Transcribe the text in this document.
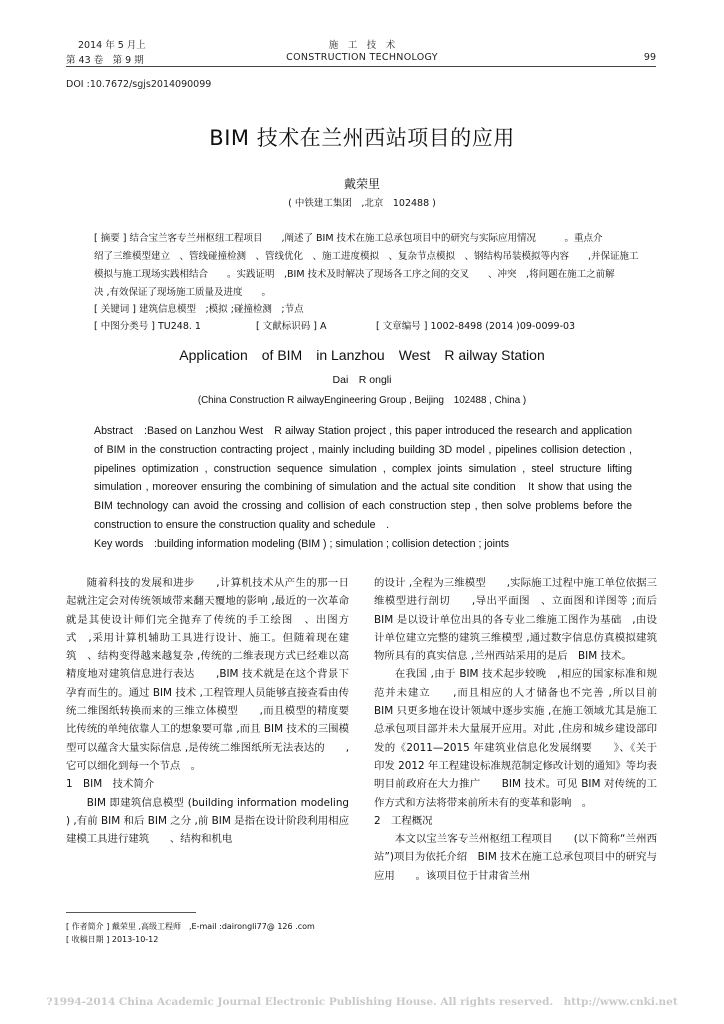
2014 年 5 月上
第 43 卷　第 9 期
施　工　技　术
CONSTRUCTION TECHNOLOGY	99
DOI :10.7672/sgjs2014090099
BIM 技术在兰州西站项目的应用
戴荣里
( 中铁建工集团　,北京　102488 )
[ 摘要 ] 结合宝兰客专兰州枢纽工程项目　　,阐述了 BIM 技术在施工总承包项目中的研究与实际应用情况　　　。重点介
绍了三维模型建立　、管线碰撞检测　、管线优化　、施工进度模拟　、复杂节点模拟　、钢结构吊装模拟等内容　　,并保证施工
模拟与施工现场实践相结合　　。实践证明　,BIM 技术及时解决了现场各工序之间的交叉　　、冲突　,将问题在施工之前解
决 ,有效保证了现场施工质量及进度　　。
[ 关键词 ] 建筑信息模型　;模拟 ;碰撞检测　;节点
[ 中图分类号 ] TU248. 1	[ 文献标识码 ] A	[ 文章编号 ] 1002-8498 (2014 )09-0099-03
Application　of BIM　in Lanzhou　West　R ailway Station
Dai　R ongli
(China Construction R ailwayEngineering Group , Beijing　102488 , China )
Abstract　:Based on Lanzhou West　R ailway Station project , this paper introduced the research and application of BIM in the construction contracting project , mainly including building 3D model , pipelines collision detection , pipelines optimization , construction sequence simulation , complex joints simulation , steel structure lifting simulation , moreover ensuring the combining of simulation and the actual site condition　It show that using the BIM technology can avoid the crossing and collision of each construction step , then solve problems before the construction to ensure the construction quality and schedule　.
Key words　:building information modeling (BIM ) ; simulation ; collision detection ; joints

随着科技的发展和进步　　,计算机技术从产生的那一日起就注定会对传统领域带来翻天覆地的影响 ,最近的一次革命就是其使设计师们完全抛弃了传统的手工绘图　、出图方式　,采用计算机辅助工具进行设计、施工。但随着现在建筑　、结构变得越来越复杂 ,传统的二维表现方式已经难以高精度地对建筑信息进行表达　　,BIM 技术就是在这个背景下孕育而生的。通过 BIM 技术 ,工程管理人员能够直接查看由传统二维图纸转换而来的三维立体模型　　,而且模型的精度要比传统的单纯依靠人工的想象要可靠 ,而且 BIM 技术的三围模型可以蕴含大量实际信息 ,是传统二维图纸所无法表达的　　,它可以细化到每一个节点　。

1　BIM　技术简介

BIM 即建筑信息模型 (building information modeling ) ,有前 BIM 和后 BIM 之分 ,前 BIM 是指在设计阶段利用相应建模工具进行建筑　　、结构和机电

的设计 ,全程为三维模型　　,实际施工过程中施工单位依据三维模型进行剖切　　,导出平面图　、立面图和详图等 ;而后 BIM 是以设计单位出具的各专业二维施工图作为基础　,由设计单位建立完整的建筑三维模型 ,通过数字信息仿真模拟建筑物所具有的真实信息 ,兰州西站采用的是后　BIM 技术。

在我国 ,由于 BIM 技术起步较晚　,相应的国家标准和规范并未建立　　,而且相应的人才储备也不完善 ,所以目前　BIM 只更多地在设计领域中逐步实施 ,在施工领域尤其是施工总承包项目部并未大量展开应用。对此 ,住房和城乡建设部印发的《2011—2015 年建筑业信息化发展纲要　　》、《关于印发 2012 年工程建设标准规范制定修改计划的通知》等均表明目前政府在大力推广　　BIM 技术。可见 BIM 对传统的工作方式和方法将带来前所未有的变革和影响　。

2　工程概况

本文以宝兰客专兰州枢纽工程项目　　(以下简称“兰州西站”)项目为依托介绍　BIM 技术在施工总承包项目中的研究与应用　　。该项目位于甘肃省兰州

[ 作者简介 ] 戴荣里 ,高级工程师　,E-mail :dairongli77@ 126 .com
[ 收稿日期 ] 2013-10-12
?1994-2014 China Academic Journal Electronic Publishing House. All rights reserved.　http://www.cnki.net
